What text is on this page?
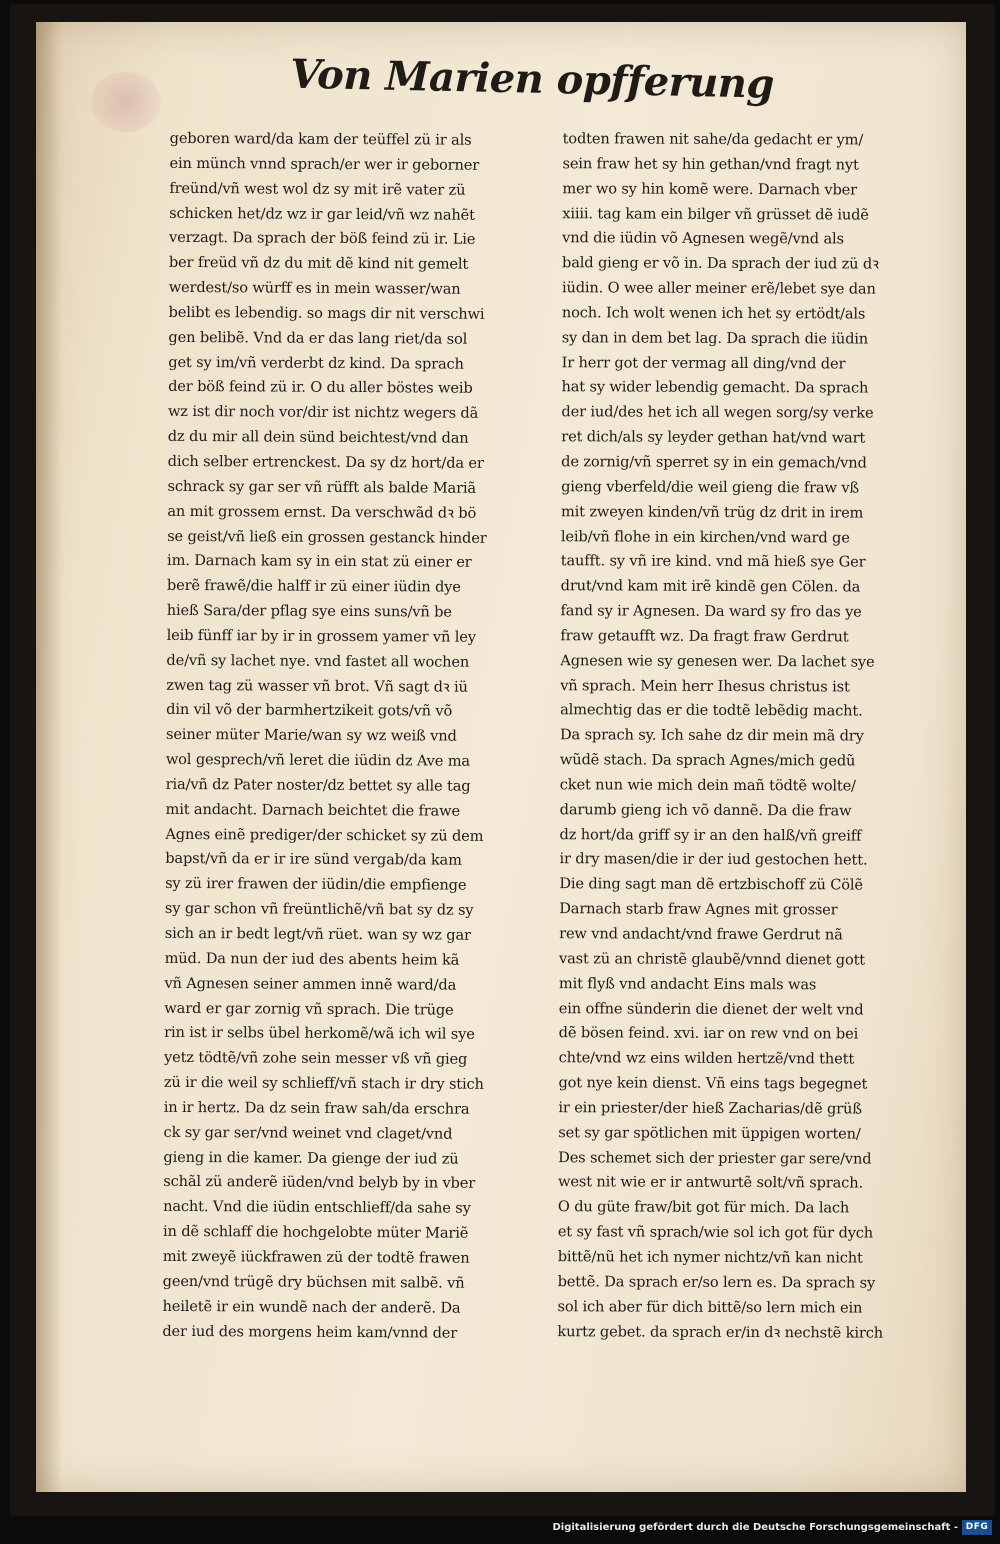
Von Marien opfferung
geboren ward/da kam der teüffel zü ir als
ein münch vnnd sprach/er wer ir geborner
freünd/vñ west wol dz sy mit irẽ vater zü
schicken het/dz wz ir gar leid/vñ wz nahẽt
verzagt. Da sprach der böß feind zü ir. Lie
ber freüd vñ dz du mit dẽ kind nit gemelt
werdest/so würff es in mein wasser/wan
belibt es lebendig. so mags dir nit verschwi
gen belibẽ. Vnd da er das lang riet/da sol
get sy im/vñ verderbt dz kind. Da sprach
der böß feind zü ir. O du aller böstes weib
wz ist dir noch vor/dir ist nichtz wegers dã
dz du mir all dein sünd beichtest/vnd dan
dich selber ertrenckest. Da sy dz hort/da er
schrack sy gar ser vñ rüfft als balde Mariã
an mit grossem ernst. Da verschwãd dꝛ bö
se geist/vñ ließ ein grossen gestanck hinder
im. Darnach kam sy in ein stat zü einer er
berẽ frawẽ/die halff ir zü einer iüdin dye
hieß Sara/der pflag sye eins suns/vñ be
leib fünff iar by ir in grossem yamer vñ ley
de/vñ sy lachet nye. vnd fastet all wochen
zwen tag zü wasser vñ brot. Vñ sagt dꝛ iü
din vil võ der barmhertzikeit gots/vñ võ
seiner müter Marie/wan sy wz weiß vnd
wol gesprech/vñ leret die iüdin dz Ave ma
ria/vñ dz Pater noster/dz bettet sy alle tag
mit andacht. Darnach beichtet die frawe
Agnes einẽ prediger/der schicket sy zü dem
bapst/vñ da er ir ire sünd vergab/da kam
sy zü irer frawen der iüdin/die empfienge
sy gar schon vñ freüntlichẽ/vñ bat sy dz sy
sich an ir bedt legt/vñ rüet. wan sy wz gar
müd. Da nun der iud des abents heim kã
vñ Agnesen seiner ammen innẽ ward/da
ward er gar zornig vñ sprach. Die trüge
rin ist ir selbs übel herkomẽ/wã ich wil sye
yetz tödtẽ/vñ zohe sein messer vß vñ gieg
zü ir die weil sy schlieff/vñ stach ir dry stich
in ir hertz. Da dz sein fraw sah/da erschra
ck sy gar ser/vnd weinet vnd claget/vnd
gieng in die kamer. Da gienge der iud zü
schãl zü anderẽ iüden/vnd belyb by in vber
nacht. Vnd die iüdin entschlieff/da sahe sy
in dẽ schlaff die hochgelobte müter Mariẽ
mit zweyẽ iückfrawen zü der todtẽ frawen
geen/vnd trügẽ dry büchsen mit salbẽ. vñ
heiletẽ ir ein wundẽ nach der anderẽ. Da
der iud des morgens heim kam/vnnd der
todten frawen nit sahe/da gedacht er ym/
sein fraw het sy hin gethan/vnd fragt nyt
mer wo sy hin komẽ were. Darnach vber
xiiii. tag kam ein bilger vñ grüsset dẽ iudẽ
vnd die iüdin võ Agnesen wegẽ/vnd als
bald gieng er võ in. Da sprach der iud zü dꝛ
iüdin. O wee aller meiner erẽ/lebet sye dan
noch. Ich wolt wenen ich het sy ertödt/als
sy dan in dem bet lag. Da sprach die iüdin
Ir herr got der vermag all ding/vnd der
hat sy wider lebendig gemacht. Da sprach
der iud/des het ich all wegen sorg/sy verke
ret dich/als sy leyder gethan hat/vnd wart
de zornig/vñ sperret sy in ein gemach/vnd
gieng vberfeld/die weil gieng die fraw vß
mit zweyen kinden/vñ trüg dz drit in irem
leib/vñ flohe in ein kirchen/vnd ward ge
taufft. sy vñ ire kind. vnd mã hieß sye Ger
drut/vnd kam mit irẽ kindẽ gen Cölen. da
fand sy ir Agnesen. Da ward sy fro das ye
fraw getaufft wz. Da fragt fraw Gerdrut
Agnesen wie sy genesen wer. Da lachet sye
vñ sprach. Mein herr Ihesus christus ist
almechtig das er die todtẽ lebẽdig macht.
Da sprach sy. Ich sahe dz dir mein mã dry
wũdẽ stach. Da sprach Agnes/mich gedũ
cket nun wie mich dein mañ tödtẽ wolte/
darumb gieng ich võ dannẽ. Da die fraw
dz hort/da griff sy ir an den halß/vñ greiff
ir dry masen/die ir der iud gestochen hett.
Die ding sagt man dẽ ertzbischoff zü Cölẽ
Darnach starb fraw Agnes mit grosser
rew vnd andacht/vnd frawe Gerdrut nã
vast zü an christẽ glaubẽ/vnnd dienet gott
mit flyß vnd andacht Eins mals was
ein offne sünderin die dienet der welt vnd
dẽ bösen feind. xvi. iar on rew vnd on bei
chte/vnd wz eins wilden hertzẽ/vnd thett
got nye kein dienst. Vñ eins tags begegnet
ir ein priester/der hieß Zacharias/dẽ grüß
set sy gar spötlichen mit üppigen worten/
Des schemet sich der priester gar sere/vnd
west nit wie er ir antwurtẽ solt/vñ sprach.
O du güte fraw/bit got für mich. Da lach
et sy fast vñ sprach/wie sol ich got für dych
bittẽ/nũ het ich nymer nichtz/vñ kan nicht
bettẽ. Da sprach er/so lern es. Da sprach sy
sol ich aber für dich bittẽ/so lern mich ein
kurtz gebet. da sprach er/in dꝛ nechstẽ kirch
Digitalisierung gefördert durch die Deutsche Forschungsgemeinschaft - DFG
